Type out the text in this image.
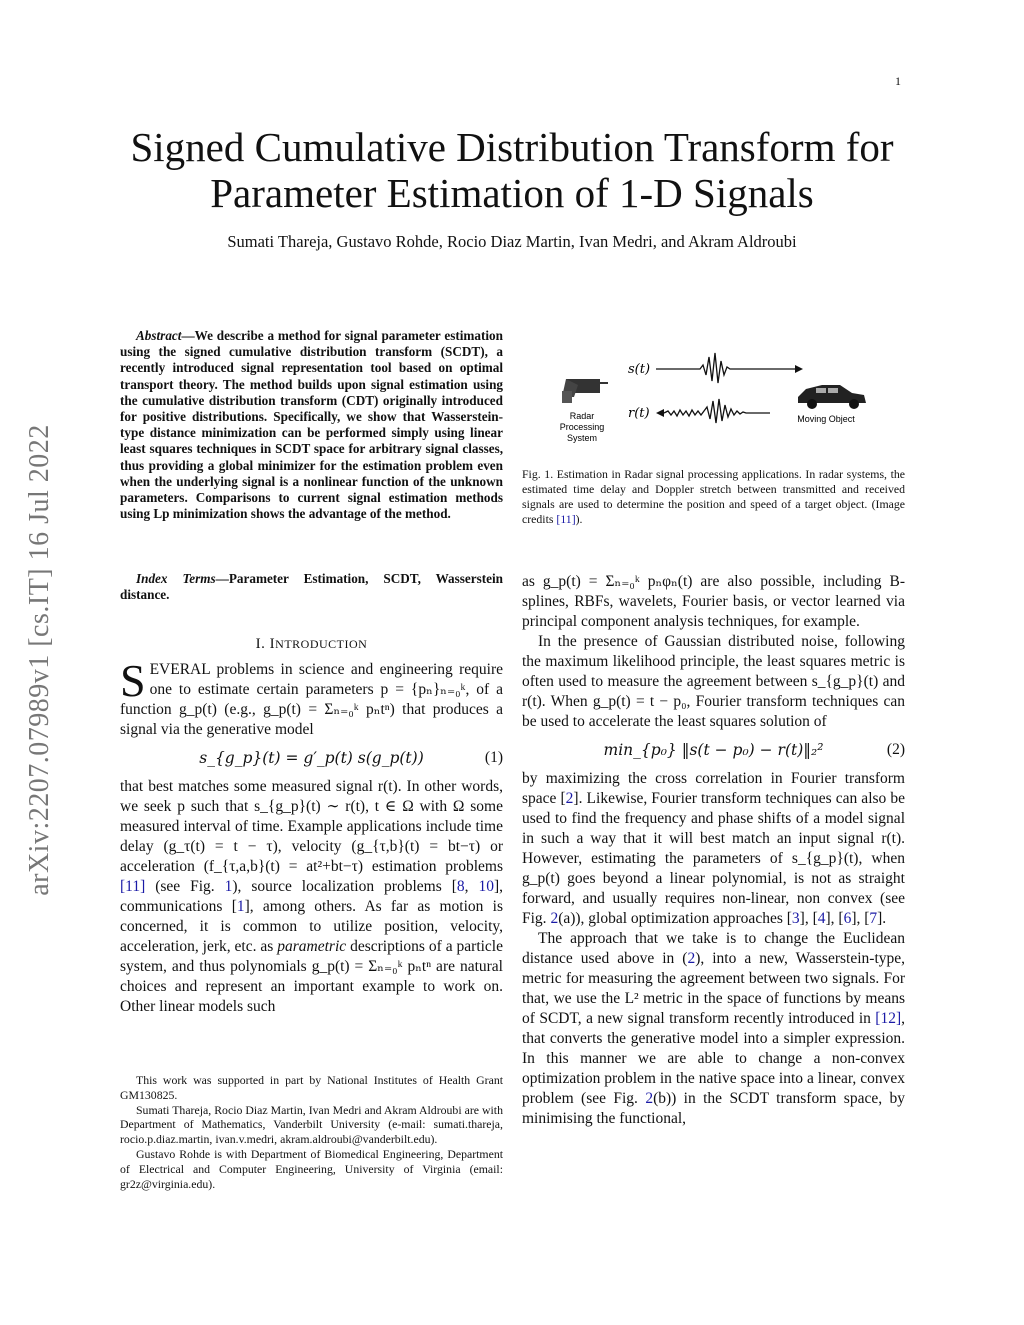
1
arXiv:2207.07989v1 [cs.IT] 16 Jul 2022
Signed Cumulative Distribution Transform for
Parameter Estimation of 1-D Signals
Sumati Thareja, Gustavo Rohde, Rocio Diaz Martin, Ivan Medri, and Akram Aldroubi

Abstract—We describe a method for signal parameter estimation using the signed cumulative distribution transform (SCDT), a recently introduced signal representation tool based on optimal transport theory. The method builds upon signal estimation using the cumulative distribution transform (CDT) originally introduced for positive distributions. Specifically, we show that Wasserstein-type distance minimization can be performed simply using linear least squares techniques in SCDT space for arbitrary signal classes, thus providing a global minimizer for the estimation problem even when the underlying signal is a nonlinear function of the unknown parameters. Comparisons to current signal estimation methods using Lp minimization shows the advantage of the method.

Index Terms—Parameter Estimation, SCDT, Wasserstein distance.

I. INTRODUCTION

SEVERAL problems in science and engineering require one to estimate certain parameters p = {pₙ}ₙ₌₀ᵏ, of a function g_p(t) (e.g., g_p(t) = Σₙ₌₀ᵏ pₙtⁿ) that produces a signal via the generative model

s_{g_p}(t) = g′_p(t) s(g_p(t))	(1)

that best matches some measured signal r(t). In other words, we seek p such that s_{g_p}(t) ∼ r(t), t ∈ Ω with Ω some measured interval of time. Example applications include time delay (g_τ(t) = t − τ), velocity (g_{τ,b}(t) = bt−τ) or acceleration (f_{τ,a,b}(t) = at²+bt−τ) estimation problems [11] (see Fig. 1), source localization problems [8, 10], communications [1], among others. As far as motion is concerned, it is common to utilize position, velocity, acceleration, jerk, etc. as parametric descriptions of a particle system, and thus polynomials g_p(t) = Σₙ₌₀ᵏ pₙtⁿ are natural choices and represent an important example to work on. Other linear models such

This work was supported in part by National Institutes of Health Grant GM130825.

Sumati Thareja, Rocio Diaz Martin, Ivan Medri and Akram Aldroubi are with Department of Mathematics, Vanderbilt University (e-mail: sumati.thareja, rocio.p.diaz.martin, ivan.v.medri, akram.aldroubi@vanderbilt.edu).

Gustavo Rohde is with Department of Biomedical Engineering, Department of Electrical and Computer Engineering, University of Virginia (email: gr2z@virginia.edu).

Radar
Processing
System
s(t)
r(t)	Moving Object
Fig. 1. Estimation in Radar signal processing applications. In radar systems, the estimated time delay and Doppler stretch between transmitted and received signals are used to determine the position and speed of a target object. (Image credits [11]).

as g_p(t) = Σₙ₌₀ᵏ pₙφₙ(t) are also possible, including B-splines, RBFs, wavelets, Fourier basis, or vector learned via principal component analysis techniques, for example.

In the presence of Gaussian distributed noise, following the maximum likelihood principle, the least squares metric is often used to measure the agreement between s_{g_p}(t) and r(t). When g_p(t) = t − p₀, Fourier transform techniques can be used to accelerate the least squares solution of

min_{p₀} ‖s(t − p₀) − r(t)‖₂²	(2)

by maximizing the cross correlation in Fourier transform space [2]. Likewise, Fourier transform techniques can also be used to find the frequency and phase shifts of a model signal in such a way that it will best match an input signal r(t). However, estimating the parameters of s_{g_p}(t), when g_p(t) goes beyond a linear polynomial, is not as straight forward, and usually requires non-linear, non convex (see Fig. 2(a)), global optimization approaches [3], [4], [6], [7].

The approach that we take is to change the Euclidean distance used above in (2), into a new, Wasserstein-type, metric for measuring the agreement between two signals. For that, we use the L² metric in the space of functions by means of SCDT, a new signal transform recently introduced in [12], that converts the generative model into a simpler expression. In this manner we are able to change a non-convex optimization problem in the native space into a linear, convex problem (see Fig. 2(b)) in the SCDT transform space, by minimising the functional,
